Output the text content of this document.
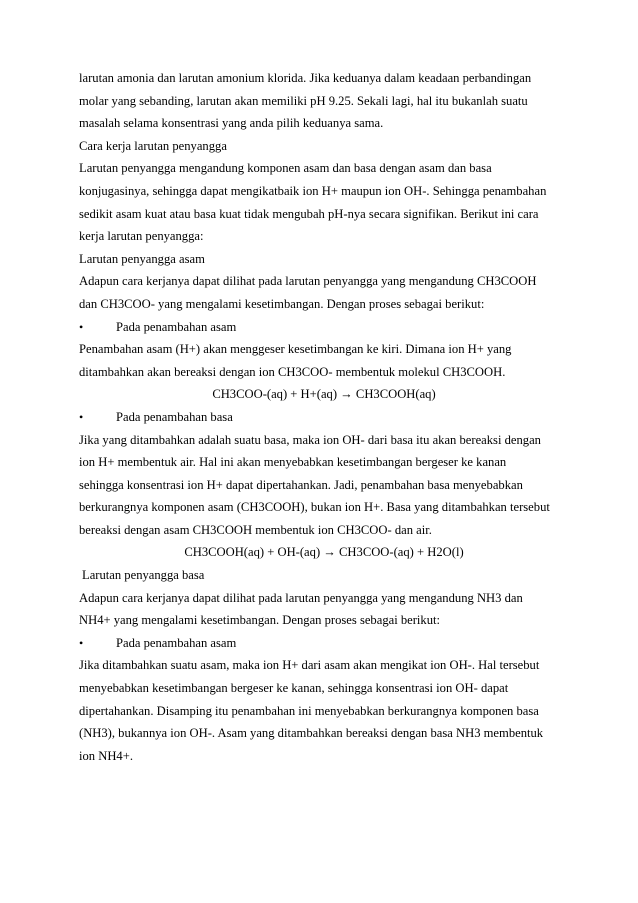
larutan amonia dan larutan amonium klorida. Jika keduanya dalam keadaan perbandingan

molar yang sebanding, larutan akan memiliki pH 9.25. Sekali lagi, hal itu bukanlah suatu

masalah selama konsentrasi yang anda pilih keduanya sama.

Cara kerja larutan penyangga

Larutan penyangga mengandung komponen asam dan basa dengan asam dan basa

konjugasinya, sehingga dapat mengikatbaik ion H+ maupun ion OH-. Sehingga penambahan

sedikit asam kuat atau basa kuat tidak mengubah pH-nya secara signifikan. Berikut ini cara

kerja larutan penyangga:

Larutan penyangga asam

Adapun cara kerjanya dapat dilihat pada larutan penyangga yang mengandung CH3COOH

dan CH3COO- yang mengalami kesetimbangan. Dengan proses sebagai berikut:

•	Pada penambahan asam

Penambahan asam (H+) akan menggeser kesetimbangan ke kiri. Dimana ion H+ yang

ditambahkan akan bereaksi dengan ion CH3COO- membentuk molekul CH3COOH.

CH3COO-(aq) + H+(aq) → CH3COOH(aq)

•	Pada penambahan basa

Jika yang ditambahkan adalah suatu basa, maka ion OH- dari basa itu akan bereaksi dengan

ion H+ membentuk air. Hal ini akan menyebabkan kesetimbangan bergeser ke kanan

sehingga konsentrasi ion H+ dapat dipertahankan. Jadi, penambahan basa menyebabkan

berkurangnya komponen asam (CH3COOH), bukan ion H+. Basa yang ditambahkan tersebut

bereaksi dengan asam CH3COOH membentuk ion CH3COO- dan air.

CH3COOH(aq) + OH-(aq) → CH3COO-(aq) + H2O(l)

Larutan penyangga basa

Adapun cara kerjanya dapat dilihat pada larutan penyangga yang mengandung NH3 dan

NH4+ yang mengalami kesetimbangan. Dengan proses sebagai berikut:

•	Pada penambahan asam

Jika ditambahkan suatu asam, maka ion H+ dari asam akan mengikat ion OH-. Hal tersebut

menyebabkan kesetimbangan bergeser ke kanan, sehingga konsentrasi ion OH- dapat

dipertahankan. Disamping itu penambahan ini menyebabkan berkurangnya komponen basa

(NH3), bukannya ion OH-. Asam yang ditambahkan bereaksi dengan basa NH3 membentuk

ion NH4+.
